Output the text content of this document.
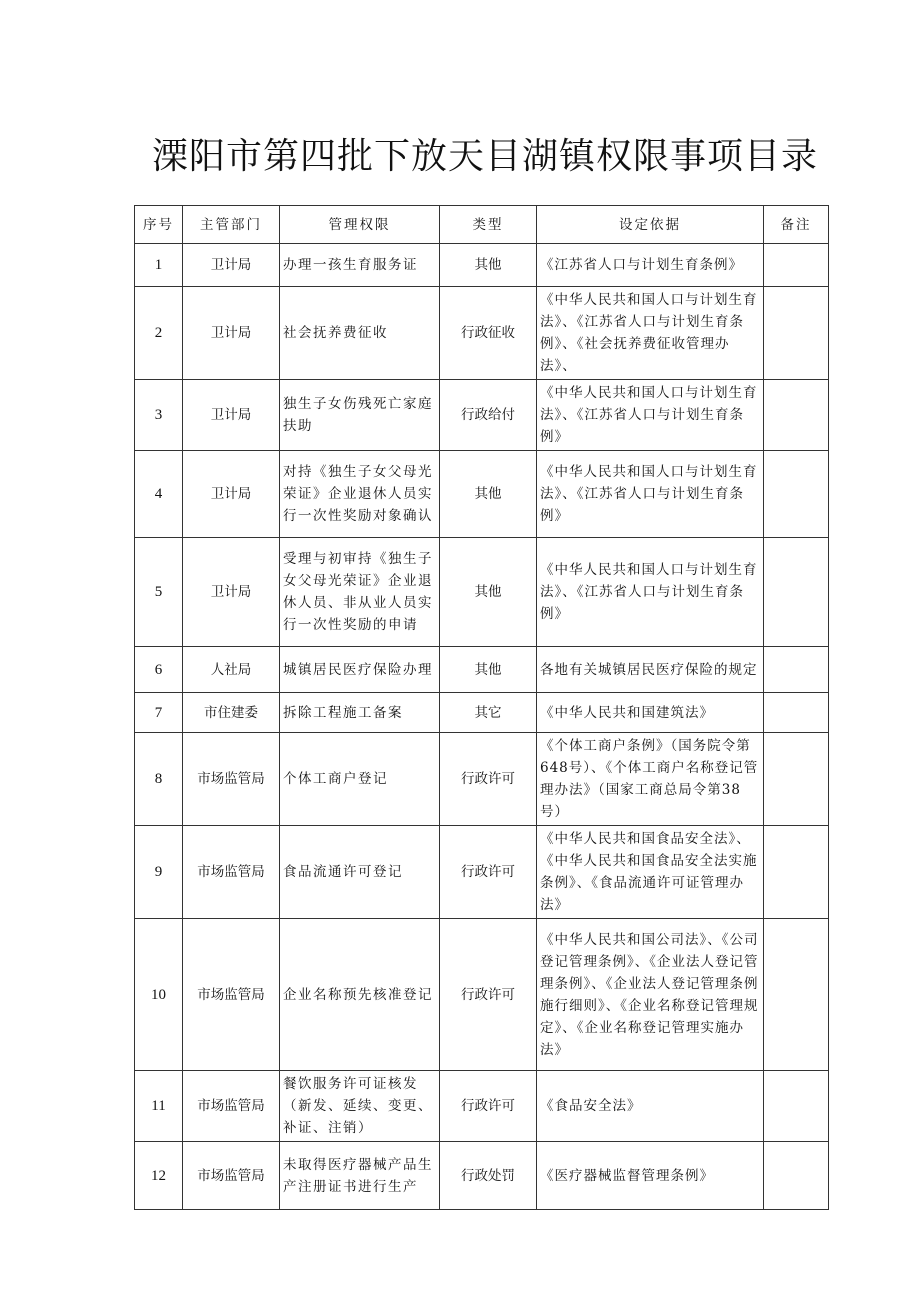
溧阳市第四批下放天目湖镇权限事项目录
序号	主管部门	管理权限	类型	设定依据	备注
1	卫计局	办理一孩生育服务证	其他	《江苏省人口与计划生育条例》	
2	卫计局	社会抚养费征收	行政征收	《中华人民共和国人口与计划生育法》、《江苏省人口与计划生育条例》、《社会抚养费征收管理办法》、	
3	卫计局	独生子女伤残死亡家庭扶助	行政给付	《中华人民共和国人口与计划生育法》、《江苏省人口与计划生育条例》	
4	卫计局	对持《独生子女父母光荣证》企业退休人员实行一次性奖励对象确认	其他	《中华人民共和国人口与计划生育法》、《江苏省人口与计划生育条例》	
5	卫计局	受理与初审持《独生子女父母光荣证》企业退休人员、非从业人员实行一次性奖励的申请	其他	《中华人民共和国人口与计划生育法》、《江苏省人口与计划生育条例》	
6	人社局	城镇居民医疗保险办理	其他	各地有关城镇居民医疗保险的规定	
7	市住建委	拆除工程施工备案	其它	《中华人民共和国建筑法》	
8	市场监管局	个体工商户登记	行政许可	《个体工商户条例》（国务院令第648号）、《个体工商户名称登记管理办法》（国家工商总局令第38号）	
9	市场监管局	食品流通许可登记	行政许可	《中华人民共和国食品安全法》、《中华人民共和国食品安全法实施条例》、《食品流通许可证管理办法》	
10	市场监管局	企业名称预先核准登记	行政许可	《中华人民共和国公司法》、《公司登记管理条例》、《企业法人登记管理条例》、《企业法人登记管理条例施行细则》、《企业名称登记管理规定》、《企业名称登记管理实施办法》	
11	市场监管局	餐饮服务许可证核发（新发、延续、变更、补证、注销）	行政许可	《食品安全法》	
12	市场监管局	未取得医疗器械产品生产注册证书进行生产	行政处罚	《医疗器械监督管理条例》	
